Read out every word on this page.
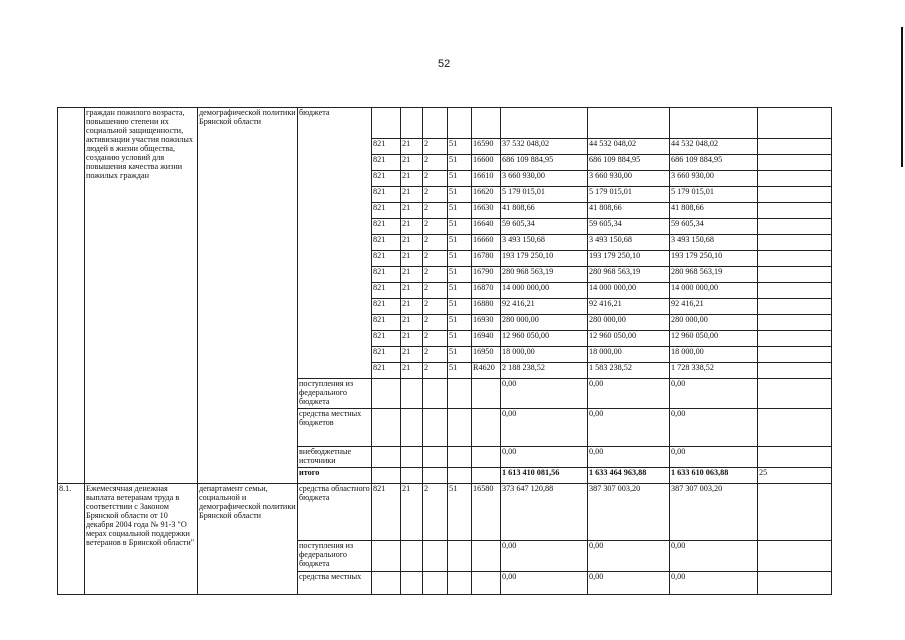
52
	граждан пожилого возраста, повышению степени их социальной защищенности, активизации участия пожилых людей в жизни общества, созданию условий для повышения качества жизни пожилых граждан	демографической политики Брянской области	бюджета									
				821	21	2	51	16590	37 532 048,02	44 532 048,02	44 532 048,02	
				821	21	2	51	16600	686 109 884,95	686 109 884,95	686 109 884,95	
				821	21	2	51	16610	3 660 930,00	3 660 930,00	3 660 930,00	
				821	21	2	51	16620	5 179 015,01	5 179 015,01	5 179 015,01	
				821	21	2	51	16630	41 808,66	41 808,66	41 808,66	
				821	21	2	51	16640	59 605,34	59 605,34	59 605,34	
				821	21	2	51	16660	3 493 150,68	3 493 150,68	3 493 150,68	
				821	21	2	51	16780	193 179 250,10	193 179 250,10	193 179 250,10	
				821	21	2	51	16790	280 968 563,19	280 968 563,19	280 968 563,19	
				821	21	2	51	16870	14 000 000,00	14 000 000,00	14 000 000,00	
				821	21	2	51	16880	92 416,21	92 416,21	92 416,21	
				821	21	2	51	16930	280 000,00	280 000,00	280 000,00	
				821	21	2	51	16940	12 960 050,00	12 960 050,00	12 960 050,00	
				821	21	2	51	16950	18 000,00	18 000,00	18 000,00	
				821	21	2	51	R4620	2 188 238,52	1 583 238,52	1 728 338,52	
			поступления из федерального бюджета						0,00	0,00	0,00	
			средства местных бюджетов						0,00	0,00	0,00	
			внебюджетные источники						0,00	0,00	0,00	
			итого						1 613 410 081,56	1 633 464 963,88	1 633 610 063,88	25
8.1.	Ежемесячная денежная выплата ветеранам труда в соответствии с Законом Брянской области от 10 декабря 2004 года № 91-З "О мерах социальной поддержки ветеранов в Брянской области"	департамент семьи, социальной и демографической политики Брянской области	средства областного бюджета	821	21	2	51	16580	373 647 120,88	387 307 003,20	387 307 003,20	
			поступления из федерального бюджета						0,00	0,00	0,00	
			средства местных						0,00	0,00	0,00	
